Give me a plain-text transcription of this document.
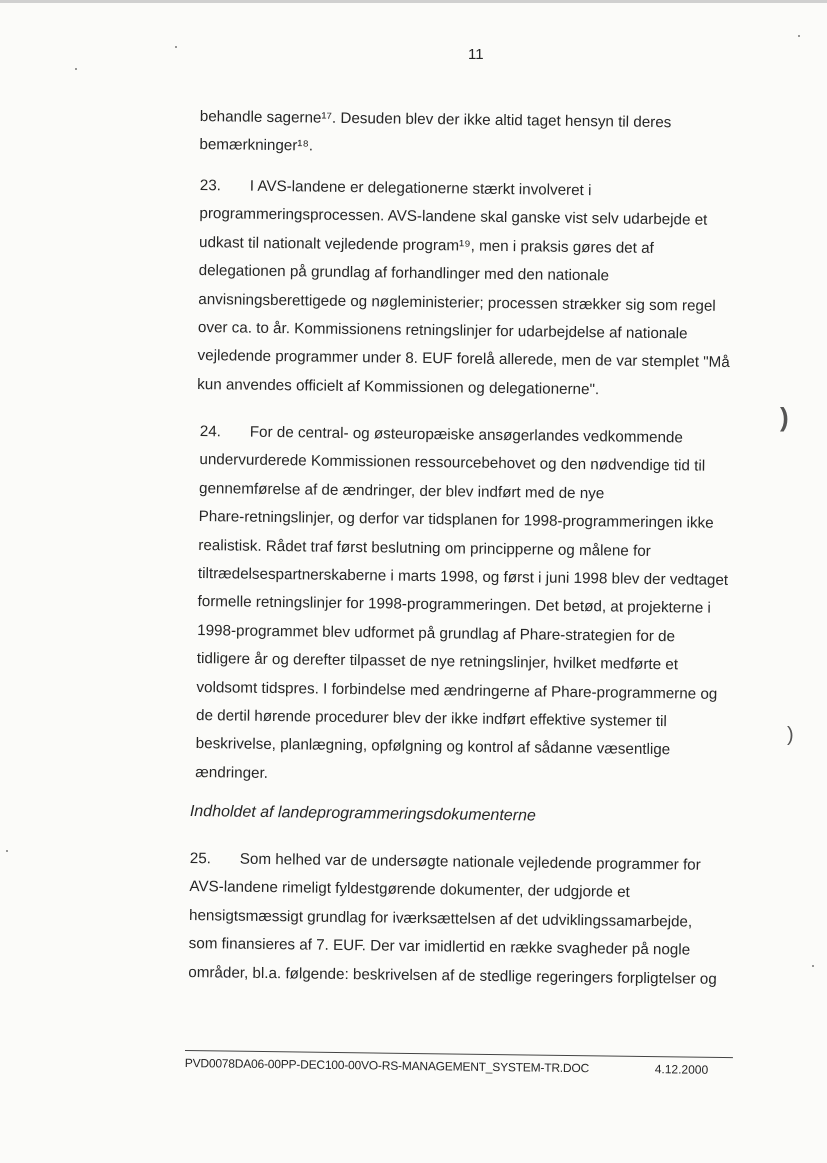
11

behandle sagerne¹⁷. Desuden blev der ikke altid taget hensyn til deres

bemærkninger¹⁸.

23. I AVS-landene er delegationerne stærkt involveret i

programmeringsprocessen. AVS-landene skal ganske vist selv udarbejde et

udkast til nationalt vejledende program¹⁹, men i praksis gøres det af

delegationen på grundlag af forhandlinger med den nationale

anvisningsberettigede og nøgleministerier; processen strækker sig som regel

over ca. to år. Kommissionens retningslinjer for udarbejdelse af nationale

vejledende programmer under 8. EUF forelå allerede, men de var stemplet "Må

kun anvendes officielt af Kommissionen og delegationerne".

24. For de central- og østeuropæiske ansøgerlandes vedkommende

undervurderede Kommissionen ressourcebehovet og den nødvendige tid til

gennemførelse af de ændringer, der blev indført med de nye

Phare-retningslinjer, og derfor var tidsplanen for 1998-programmeringen ikke

realistisk. Rådet traf først beslutning om principperne og målene for

tiltrædelsespartnerskaberne i marts 1998, og først i juni 1998 blev der vedtaget

formelle retningslinjer for 1998-programmeringen. Det betød, at projekterne i

1998-programmet blev udformet på grundlag af Phare-strategien for de

tidligere år og derefter tilpasset de nye retningslinjer, hvilket medførte et

voldsomt tidspres. I forbindelse med ændringerne af Phare-programmerne og

de dertil hørende procedurer blev der ikke indført effektive systemer til

beskrivelse, planlægning, opfølgning og kontrol af sådanne væsentlige

ændringer.

Indholdet af landeprogrammeringsdokumenterne

25. Som helhed var de undersøgte nationale vejledende programmer for

AVS-landene rimeligt fyldestgørende dokumenter, der udgjorde et

hensigtsmæssigt grundlag for iværksættelsen af det udviklingssamarbejde,

som finansieres af 7. EUF. Der var imidlertid en række svagheder på nogle

områder, bl.a. følgende: beskrivelsen af de stedlige regeringers forpligtelser og

PVD0078DA06-00PP-DEC100-00VO-RS-MANAGEMENT_SYSTEM-TR.DOC	4.12.2000
)
)
